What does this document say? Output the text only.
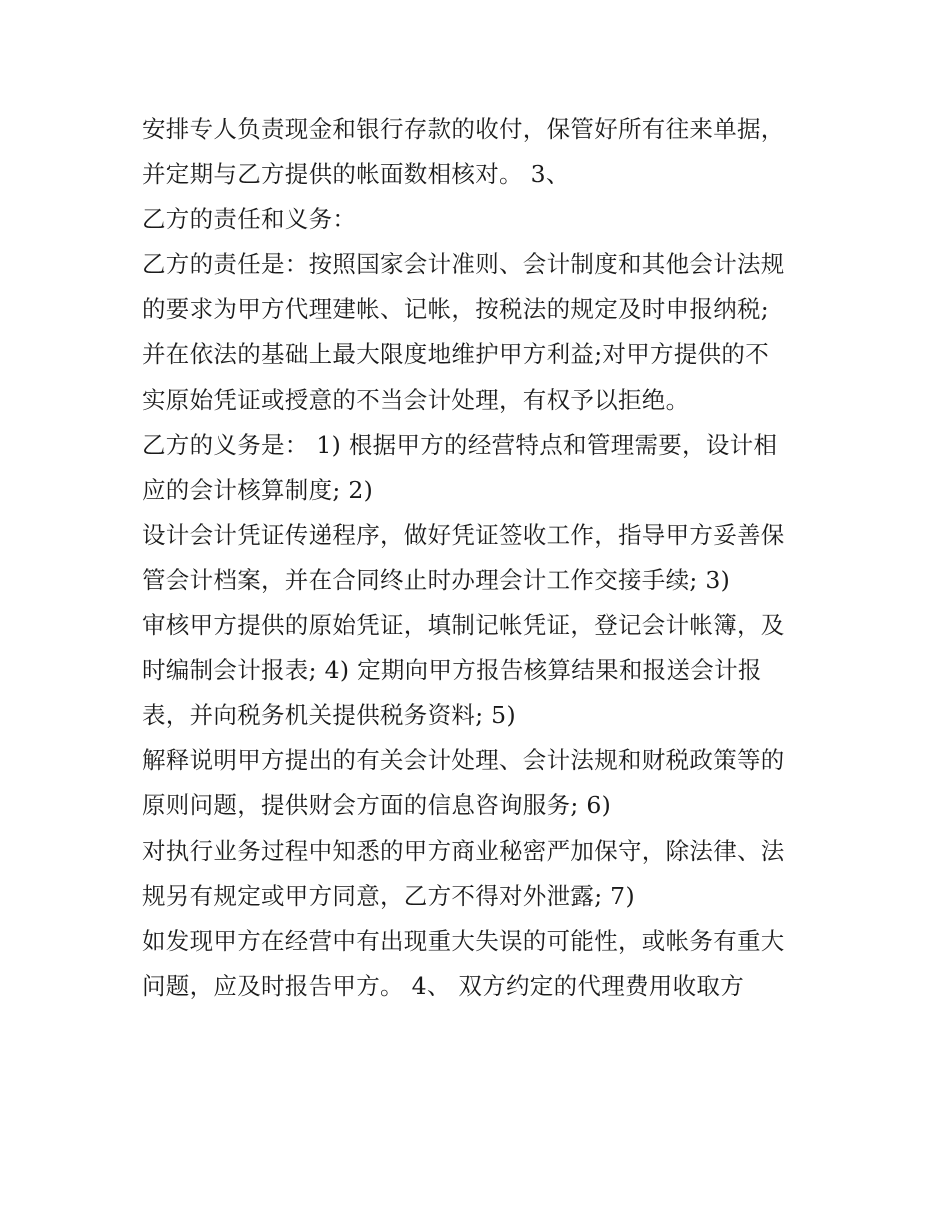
安排专人负责现金和银行存款的收付，保管好所有往来单据，
并定期与乙方提供的帐面数相核对。 3、
乙方的责任和义务：
乙方的责任是：按照国家会计准则、会计制度和其他会计法规
的要求为甲方代理建帐、记帐，按税法的规定及时申报纳税;
并在依法的基础上最大限度地维护甲方利益;对甲方提供的不
实原始凭证或授意的不当会计处理，有权予以拒绝。
乙方的义务是： 1) 根据甲方的经营特点和管理需要，设计相
应的会计核算制度; 2)
设计会计凭证传递程序，做好凭证签收工作，指导甲方妥善保
管会计档案，并在合同终止时办理会计工作交接手续; 3)
审核甲方提供的原始凭证，填制记帐凭证，登记会计帐簿，及
时编制会计报表; 4) 定期向甲方报告核算结果和报送会计报
表，并向税务机关提供税务资料; 5)
解释说明甲方提出的有关会计处理、会计法规和财税政策等的
原则问题，提供财会方面的信息咨询服务; 6)
对执行业务过程中知悉的甲方商业秘密严加保守，除法律、法
规另有规定或甲方同意，乙方不得对外泄露; 7)
如发现甲方在经营中有出现重大失误的可能性，或帐务有重大
问题，应及时报告甲方。 4、 双方约定的代理费用收取方
